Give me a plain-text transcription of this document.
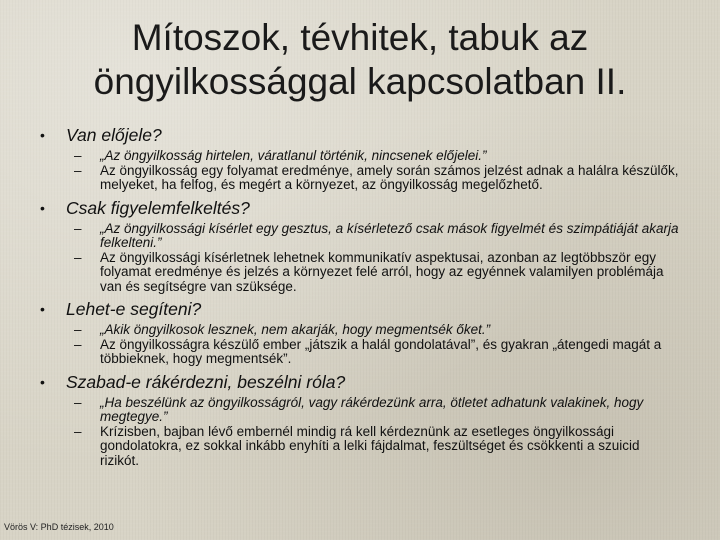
Mítoszok, tévhitek, tabuk az
öngyilkossággal kapcsolatban II.
•	Van előjele?
–	„Az öngyilkosság hirtelen, váratlanul történik, nincsenek előjelei.”
–	Az öngyilkosság egy folyamat eredménye, amely során számos jelzést adnak a halálra készülők, melyeket, ha felfog, és megért a környezet, az öngyilkosság megelőzhető.
•	Csak figyelemfelkeltés?
–	„Az öngyilkossági kísérlet egy gesztus, a kísérletező csak mások figyelmét és szimpátiáját akarja felkelteni.”
–	Az öngyilkossági kísérletnek lehetnek kommunikatív aspektusai, azonban az legtöbbször egy folyamat eredménye és jelzés a környezet felé arról, hogy az egyénnek valamilyen problémája van és segítségre van szüksége.
•	Lehet-e segíteni?
–	„Akik öngyilkosok lesznek, nem akarják, hogy megmentsék őket.”
–	Az öngyilkosságra készülő ember „játszik a halál gondolatával”, és gyakran „átengedi magát a többieknek, hogy megmentsék”.
•	Szabad-e rákérdezni, beszélni róla?
–	„Ha beszélünk az öngyilkosságról, vagy rákérdezünk arra, ötletet adhatunk valakinek, hogy megtegye.”
–	Krízisben, bajban lévő embernél mindig rá kell kérdeznünk az esetleges öngyilkossági gondolatokra, ez sokkal inkább enyhíti a lelki fájdalmat, feszültséget és csökkenti a szuicid rizikót.
Vörös V: PhD tézisek, 2010
